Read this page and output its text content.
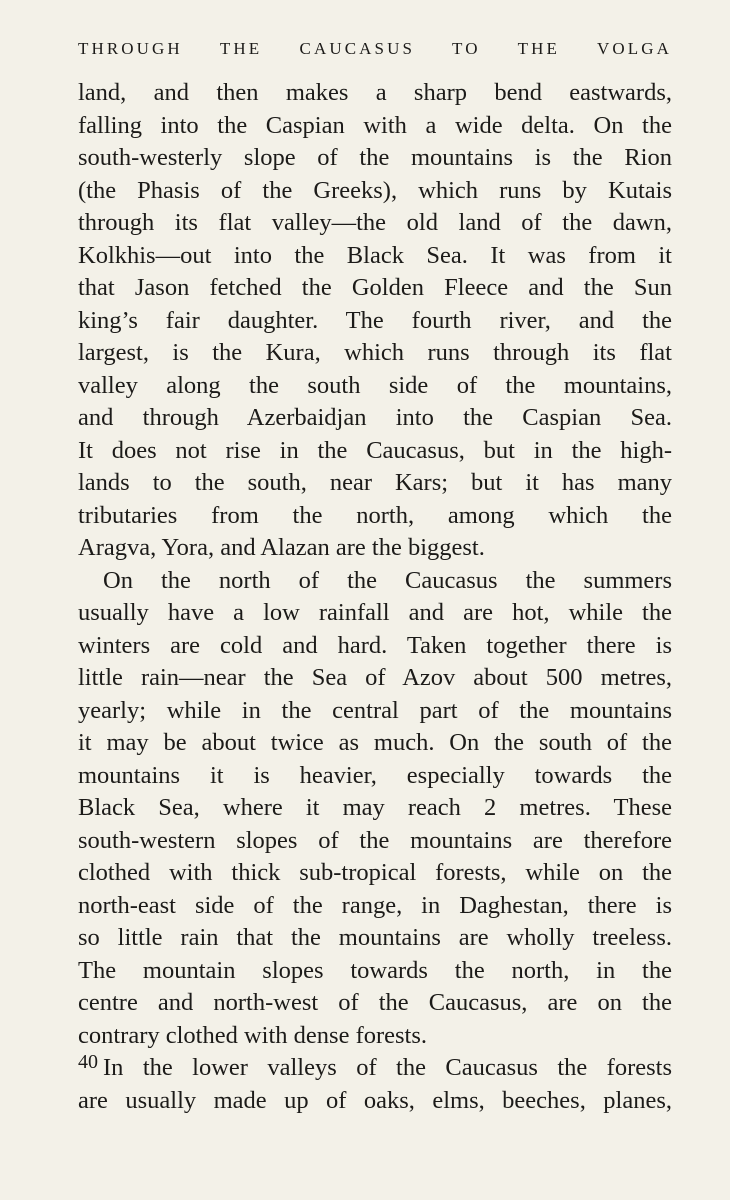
THROUGH THE CAUCASUS TO THE VOLGA
land, and then makes a sharp bend eastwards,
falling into the Caspian with a wide delta. On the
south-westerly slope of the mountains is the Rion
(the Phasis of the Greeks), which runs by Kutais
through its flat valley—the old land of the dawn,
Kolkhis—out into the Black Sea. It was from it
that Jason fetched the Golden Fleece and the Sun
king’s fair daughter. The fourth river, and the
largest, is the Kura, which runs through its flat
valley along the south side of the mountains,
and through Azerbaidjan into the Caspian Sea.
It does not rise in the Caucasus, but in the high-
lands to the south, near Kars; but it has many
tributaries from the north, among which the
Aragva, Yora, and Alazan are the biggest.
On the north of the Caucasus the summers
usually have a low rainfall and are hot, while the
winters are cold and hard. Taken together there is
little rain—near the Sea of Azov about 500 metres,
yearly; while in the central part of the mountains
it may be about twice as much. On the south of the
mountains it is heavier, especially towards the
Black Sea, where it may reach 2 metres. These
south-western slopes of the mountains are therefore
clothed with thick sub-tropical forests, while on the
north-east side of the range, in Daghestan, there is
so little rain that the mountains are wholly treeless.
The mountain slopes towards the north, in the
centre and north-west of the Caucasus, are on the
contrary clothed with dense forests.
In the lower valleys of the Caucasus the forests
are usually made up of oaks, elms, beeches, planes,
40
